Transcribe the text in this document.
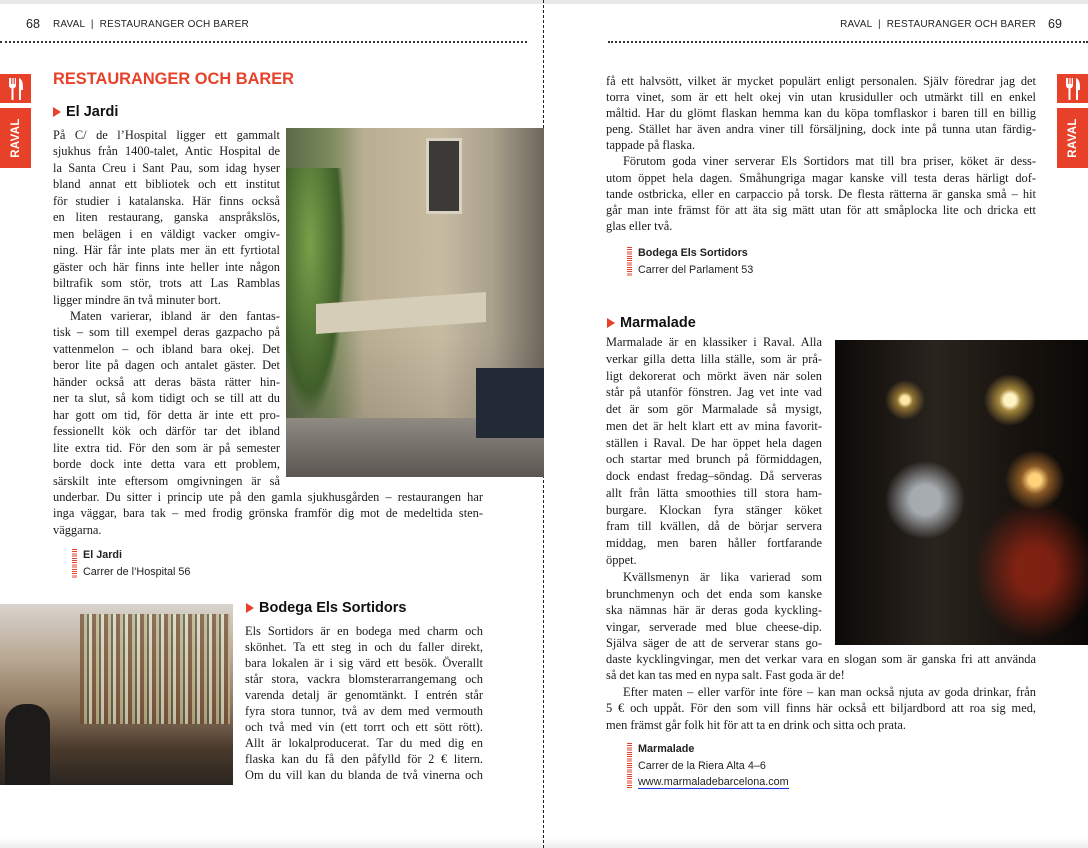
68 RAVAL  |  RESTAURANGER OCH BARER
RAVAL
RESTAURANGER OCH BARER
El Jardi
På C/ de l’Hospital ligger ett gammalt
sjukhus från 1400-talet, Antic Hospital de
la Santa Creu i Sant Pau, som idag hyser
bland annat ett bibliotek och ett institut
för studier i katalanska. Här finns också
en liten restaurang, ganska anspråkslös,
men belägen i en väldigt vacker omgiv-
ning. Här får inte plats mer än ett fyrtiotal
gäster och här finns inte heller inte någon
biltrafik som stör, trots att Las Ramblas
ligger mindre än två minuter bort.
Maten varierar, ibland är den fantas-
tisk – som till exempel deras gazpacho på
vattenmelon – och ibland bara okej. Det
beror lite på dagen och antalet gäster. Det
händer också att deras bästa rätter hin-
ner ta slut, så kom tidigt och se till att du
har gott om tid, för detta är inte ett pro-
fessionellt kök och därför tar det ibland
lite extra tid. För den som är på semester
borde dock inte detta vara ett problem,
särskilt inte eftersom omgivningen är så
underbar. Du sitter i princip ute på den gamla sjukhusgården – restaurangen har
inga väggar, bara tak – med frodig grönska framför dig mot de medeltida sten-
väggarna.
El Jardi
Carrer de l’Hospital 56
Bodega Els Sortidors
Els Sortidors är en bodega med charm och
skönhet. Ta ett steg in och du faller direkt,
bara lokalen är i sig värd ett besök. Överallt
står stora, vackra blomsterarrangemang och
varenda detalj är genomtänkt. I entrén står
fyra stora tunnor, två av dem med vermouth
och två med vin (ett torrt och ett sött rött).
Allt är lokalproducerat. Tar du med dig en
flaska kan du få den påfylld för 2 € litern.
Om du vill kan du blanda de två vinerna och
RAVAL  |  RESTAURANGER OCH BARER 69
RAVAL
få ett halvsött, vilket är mycket populärt enligt personalen. Själv föredrar jag det
torra vinet, som är ett helt okej vin utan krusiduller och utmärkt till en enkel
måltid. Har du glömt flaskan hemma kan du köpa tomflaskor i baren till en billig
peng. Stället har även andra viner till försäljning, dock inte på tunna utan färdig-
tappade på flaska.
Förutom goda viner serverar Els Sortidors mat till bra priser, köket är dess-
utom öppet hela dagen. Småhungriga magar kanske vill testa deras härligt dof-
tande ostbricka, eller en carpaccio på torsk. De flesta rätterna är ganska små – hit
går man inte främst för att äta sig mätt utan för att småplocka lite och dricka ett
glas eller två.
Bodega Els Sortidors
Carrer del Parlament 53
Marmalade
Marmalade är en klassiker i Raval. Alla
verkar gilla detta lilla ställe, som är prå-
ligt dekorerat och mörkt även när solen
står på utanför fönstren. Jag vet inte vad
det är som gör Marmalade så mysigt,
men det är helt klart ett av mina favorit-
ställen i Raval. De har öppet hela dagen
och startar med brunch på förmiddagen,
dock endast fredag–söndag. Då serveras
allt från lätta smoothies till stora ham-
burgare. Klockan fyra stänger köket
fram till kvällen, då de börjar servera
middag, men baren håller fortfarande
öppet.
Kvällsmenyn är lika varierad som
brunchmenyn och det enda som kanske
ska nämnas här är deras goda kyckling-
vingar, serverade med blue cheese-dip.
Själva säger de att de serverar stans go-
daste kycklingvingar, men det verkar vara en slogan som är ganska fri att använda
så det kan tas med en nypa salt. Fast goda är de!
Efter maten – eller varför inte före – kan man också njuta av goda drinkar, från
5 € och uppåt. För den som vill finns här också ett biljardbord att roa sig med,
men främst går folk hit för att ta en drink och sitta och prata.
Marmalade
Carrer de la Riera Alta 4–6
www.marmaladebarcelona.com
